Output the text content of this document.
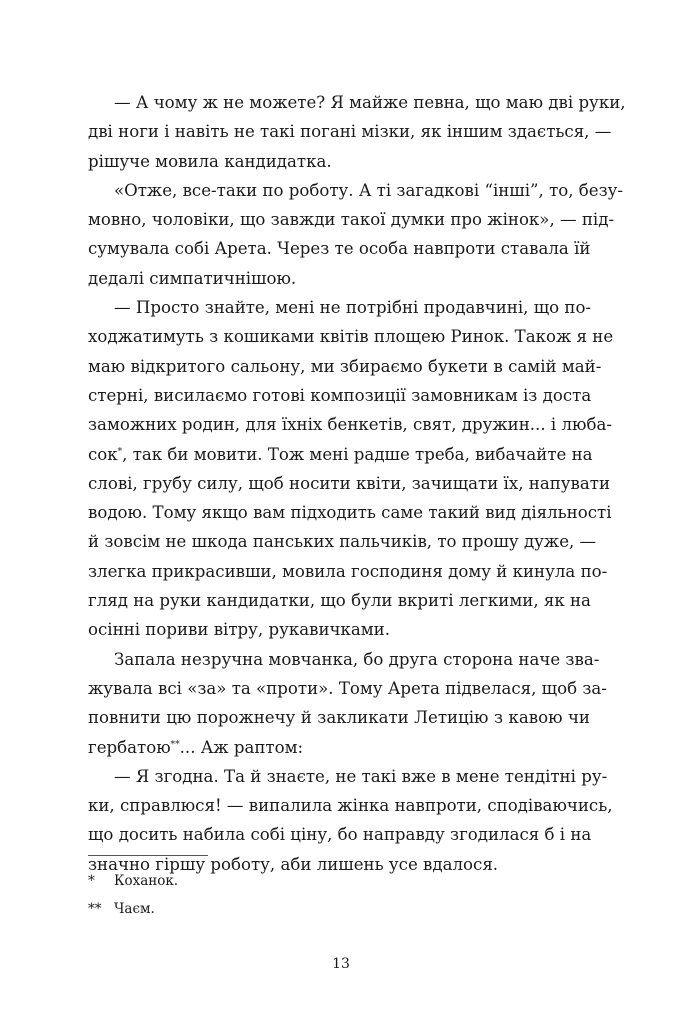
— А чому ж не можете? Я майже певна, що маю дві руки,
дві ноги і навіть не такі погані мізки, як іншим здається, —
рішуче мовила кандидатка.
«Отже, все-таки по роботу. А ті загадкові “інші”, то, безу-
мовно, чоловіки, що завжди такої думки про жінок», — під-
сумувала собі Арета. Через те особа навпроти ставала їй
дедалі симпатичнішою.
— Просто знайте, мені не потрібні продавчині, що по-
ходжатимуть з кошиками квітів площею Ринок. Також я не
маю відкритого сальону, ми збираємо букети в самій май-
стерні, висилаємо готові композиції замовникам із доста
заможних родин, для їхніх бенкетів, свят, дружин... і люба-
сок*, так би мовити. Тож мені радше треба, вибачайте на
слові, грубу силу, щоб носити квіти, зачищати їх, напувати
водою. Тому якщо вам підходить саме такий вид діяльності
й зовсім не шкода панських пальчиків, то прошу дуже, —
злегка прикрасивши, мовила господиня дому й кинула по-
гляд на руки кандидатки, що були вкриті легкими, як на
осінні пориви вітру, рукавичками.
Запала незручна мовчанка, бо друга сторона наче зва-
жувала всі «за» та «проти». Тому Арета підвелася, щоб за-
повнити цю порожнечу й закликати Летицію з кавою чи
гербатою**... Аж раптом:
— Я згодна. Та й знаєте, не такі вже в мене тендітні ру-
ки, справлюся! — випалила жінка навпроти, сподіваючись,
що досить набила собі ціну, бо направду згодилася б і на
значно гіршу роботу, аби лишень усе вдалося.
* Коханок.
** Чаєм.
13
